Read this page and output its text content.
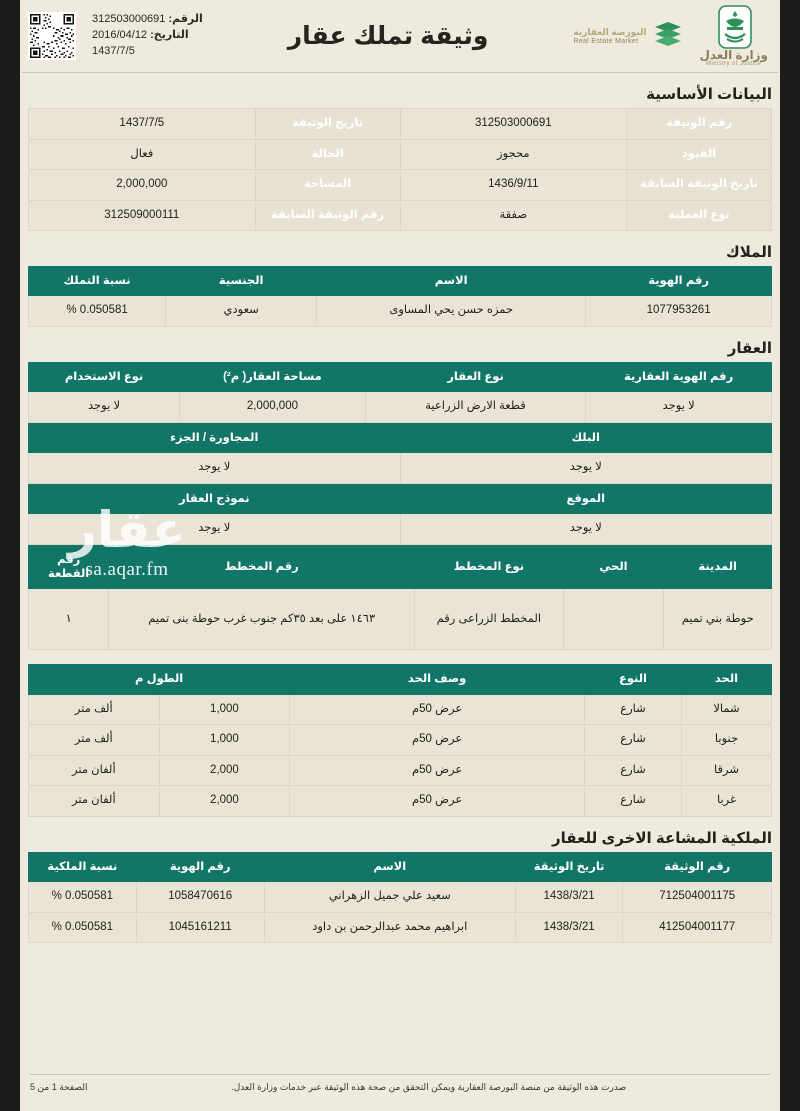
وزارة العدل
Ministry of Justice
البورصة العقارية
Real Estate Market
وثيقة تملك عقار
الرقم: 312503000691
التاريخ: 2016/04/12
1437/7/5
عقار
sa.aqar.fm
البيانات الأساسية
رقم الوثيقة	312503000691	تاريخ الوثيقة	1437/7/5
القيود	محجوز	الحالة	فعال
تاريخ الوثيقة السابقة	1436/9/11	المساحة	2,000,000
نوع العملية	صفقة	رقم الوثيقة السابقة	312509000111
الملاك
رقم الهوية	الاسم	الجنسية	نسبة التملك
1077953261	حمزه حسن يحي المساوى	سعودي	0.050581 %
العقار
رقم الهوية العقارية	نوع العقار	مساحة العقار( م²)	نوع الاستخدام
لا يوجد	قطعة الارض الزراعية	2,000,000	لا يوجد
البلك	المجاورة / الجزء
لا يوجد	لا يوجد
الموقع	نموذج العقار
لا يوجد	لا يوجد
المدينة	الحي	نوع المخطط	رقم المخطط	رقم القطعة
حوطة بني تميم		المخطط الزراعى رقم	١٤٦٣ على بعد ٣٥كم جنوب غرب حوطة بنى تميم	١
الحد	النوع	وصف الحد	الطول م	
شمالا	شارع	عرض 50م	1,000	ألف متر
جنوبا	شارع	عرض 50م	1,000	ألف متر
شرقا	شارع	عرض 50م	2,000	ألفان متر
غربا	شارع	عرض 50م	2,000	ألفان متر
الملكية المشاعة الاخرى للعقار
رقم الوثيقة	تاريخ الوثيقة	الاسم	رقم الهوية	نسبة الملكية
712504001175	1438/3/21	سعيد علي جميل الزهراني	1058470616	0.050581 %
412504001177	1438/3/21	ابراهيم محمد عبدالرحمن بن داود	1045161211	0.050581 %
صدرت هذه الوثيقة من منصة البورصة العقارية ويمكن التحقق من صحة هذه الوثيقة عبر خدمات وزارة العدل.
الصفحة 1 من 5
